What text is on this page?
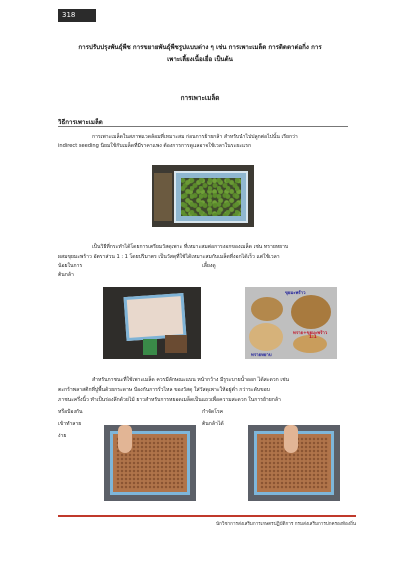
318
การปรับปรุงพันธุ์พืช การขยายพันธุ์พืชรูปแบบต่าง ๆ เช่น การเพาะเมล็ด การติดตาต่อกิ่ง การ
เพาะเลี้ยงเนื้อเยื่อ เป็นต้น
การเพาะเมล็ด
วิธีการเพาะเมล็ด

การเพาะเมล็ดในสภาพแวดล้อมที่เหมาะสม ก่อนการย้ายกล้า สำหรับนำไปปลูกต่อไปนั้น เรียกว่า

indirect seeding นิยมใช้กับเมล็ดที่มีราคาแพง ต้องการการดูแลอาจใช้เวลาในระยะแรก

เป็นวิธีที่กระทำได้โดยการเตรียมวัสดุเพาะ ที่เหมาะสมต่อการงอกของเมล็ด เช่น ทรายหยาบ

ผสมขุยมะพร้าว อัตราส่วน 1 : 1 โดยปริมาตร เป็นวัสดุที่ใช้ได้เหมาะสมกับเมล็ดที่งอกได้เร็ว แต่ใช้เวลา

น้อยในการ	เลี้ยงดู

ต้นกล้า

ขุยมะพร้าว
ทรายหยาบ
ทราย+ขุยมะพร้าว
1:1

สำหรับภาชนะที่ใช้เพาะเมล็ด ควรมีลักษณะแบน หน้ากว้าง มีรูระบายน้ำออก ได้สะดวก เช่น

ตะกร้าพลาสติกที่ปูพื้นด้วยกระดาษ ป้องกันการรั่วไหล ของวัสดุ ใส่วัสดุเพาะให้อยู่ต่ำ กว่าระดับขอบ

ภาชนะครึ่งนิ้ว ทำเป็นร่องลึกด้วยไม้ ยาวสำหรับการหยอดเมล็ดเป็นแถวเพื่อความสะดวก ในการย้ายกล้า

หรือป้องกัน	กำจัดโรค

เข้าทำลาย	ต้นกล้าได้

ง่าย

นักวิชาการส่งเสริมการเกษตรปฏิบัติการ กรมส่งเสริมการปกครองท้องถิ่น
